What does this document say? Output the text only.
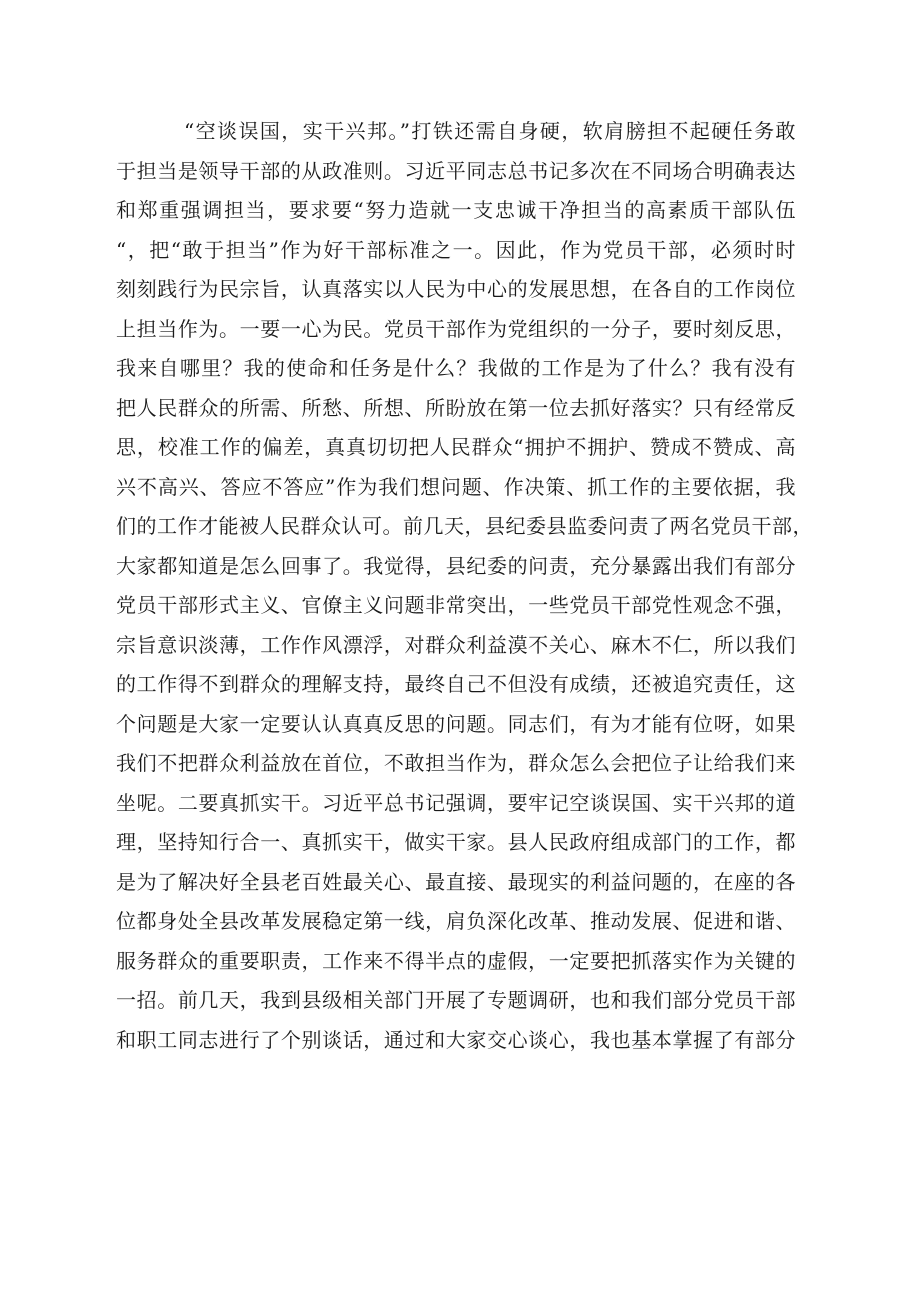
“空谈误国，实干兴邦。”打铁还需自身硬，软肩膀担不起硬任务敢
于担当是领导干部的从政准则。习近平同志总书记多次在不同场合明确表达
和郑重强调担当，要求要“努力造就一支忠诚干净担当的高素质干部队伍
“，把“敢于担当”作为好干部标准之一。因此，作为党员干部，必须时时
刻刻践行为民宗旨，认真落实以人民为中心的发展思想，在各自的工作岗位
上担当作为。一要一心为民。党员干部作为党组织的一分子，要时刻反思，
我来自哪里？我的使命和任务是什么？我做的工作是为了什么？我有没有
把人民群众的所需、所愁、所想、所盼放在第一位去抓好落实？只有经常反
思，校准工作的偏差，真真切切把人民群众“拥护不拥护、赞成不赞成、高
兴不高兴、答应不答应”作为我们想问题、作决策、抓工作的主要依据，我
们的工作才能被人民群众认可。前几天，县纪委县监委问责了两名党员干部，
大家都知道是怎么回事了。我觉得，县纪委的问责，充分暴露出我们有部分
党员干部形式主义、官僚主义问题非常突出，一些党员干部党性观念不强，
宗旨意识淡薄，工作作风漂浮，对群众利益漠不关心、麻木不仁，所以我们
的工作得不到群众的理解支持，最终自己不但没有成绩，还被追究责任，这
个问题是大家一定要认认真真反思的问题。同志们，有为才能有位呀，如果
我们不把群众利益放在首位，不敢担当作为，群众怎么会把位子让给我们来
坐呢。二要真抓实干。习近平总书记强调，要牢记空谈误国、实干兴邦的道
理，坚持知行合一、真抓实干，做实干家。县人民政府组成部门的工作，都
是为了解决好全县老百姓最关心、最直接、最现实的利益问题的，在座的各
位都身处全县改革发展稳定第一线，肩负深化改革、推动发展、促进和谐、
服务群众的重要职责，工作来不得半点的虚假，一定要把抓落实作为关键的
一招。前几天，我到县级相关部门开展了专题调研，也和我们部分党员干部
和职工同志进行了个别谈话，通过和大家交心谈心，我也基本掌握了有部分
